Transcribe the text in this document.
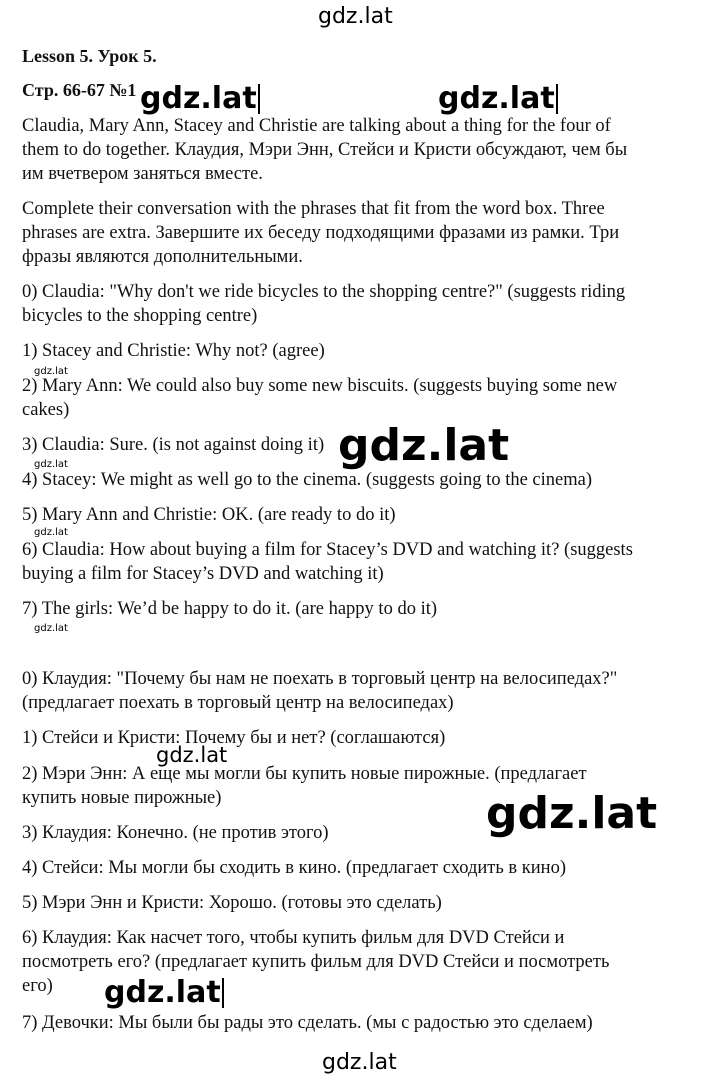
gdz.lat
Lesson 5. Урок 5.
Стр. 66-67 №1
Claudia, Mary Ann, Stacey and Christie are talking about a thing for the four of
them to do together. Клаудия, Мэри Энн, Стейси и Кристи обсуждают, чем бы
им вчетвером заняться вместе.
Complete their conversation with the phrases that fit from the word box. Three
phrases are extra. Завершите их беседу подходящими фразами из рамки. Три
фразы являются дополнительными.
0) Claudia: "Why don't we ride bicycles to the shopping centre?" (suggests riding
bicycles to the shopping centre)
1) Stacey and Christie: Why not? (agree)
2) Mary Ann: We could also buy some new biscuits. (suggests buying some new
cakes)
3) Claudia: Sure. (is not against doing it)
4) Stacey: We might as well go to the cinema. (suggests going to the cinema)
5) Mary Ann and Christie: OK. (are ready to do it)
6) Claudia: How about buying a film for Stacey’s DVD and watching it? (suggests
buying a film for Stacey’s DVD and watching it)
7) The girls: We’d be happy to do it. (are happy to do it)
0) Клаудия: "Почему бы нам не поехать в торговый центр на велосипедах?"
(предлагает поехать в торговый центр на велосипедах)
1) Стейси и Кристи: Почему бы и нет? (соглашаются)
2) Мэри Энн: А еще мы могли бы купить новые пирожные. (предлагает
купить новые пирожные)
3) Клаудия: Конечно. (не против этого)
4) Стейси: Мы могли бы сходить в кино. (предлагает сходить в кино)
5) Мэри Энн и Кристи: Хорошо. (готовы это сделать)
6) Клаудия: Как насчет того, чтобы купить фильм для DVD Стейси и
посмотреть его? (предлагает купить фильм для DVD Стейси и посмотреть
его)
7) Девочки: Мы были бы рады это сделать. (мы с радостью это сделаем)
gdz.lat	gdz.lat
gdz.lat
gdz.lat
gdz.lat
gdz.lat
gdz.lat
gdz.lat
gdz.lat
gdz.lat
gdz.lat
